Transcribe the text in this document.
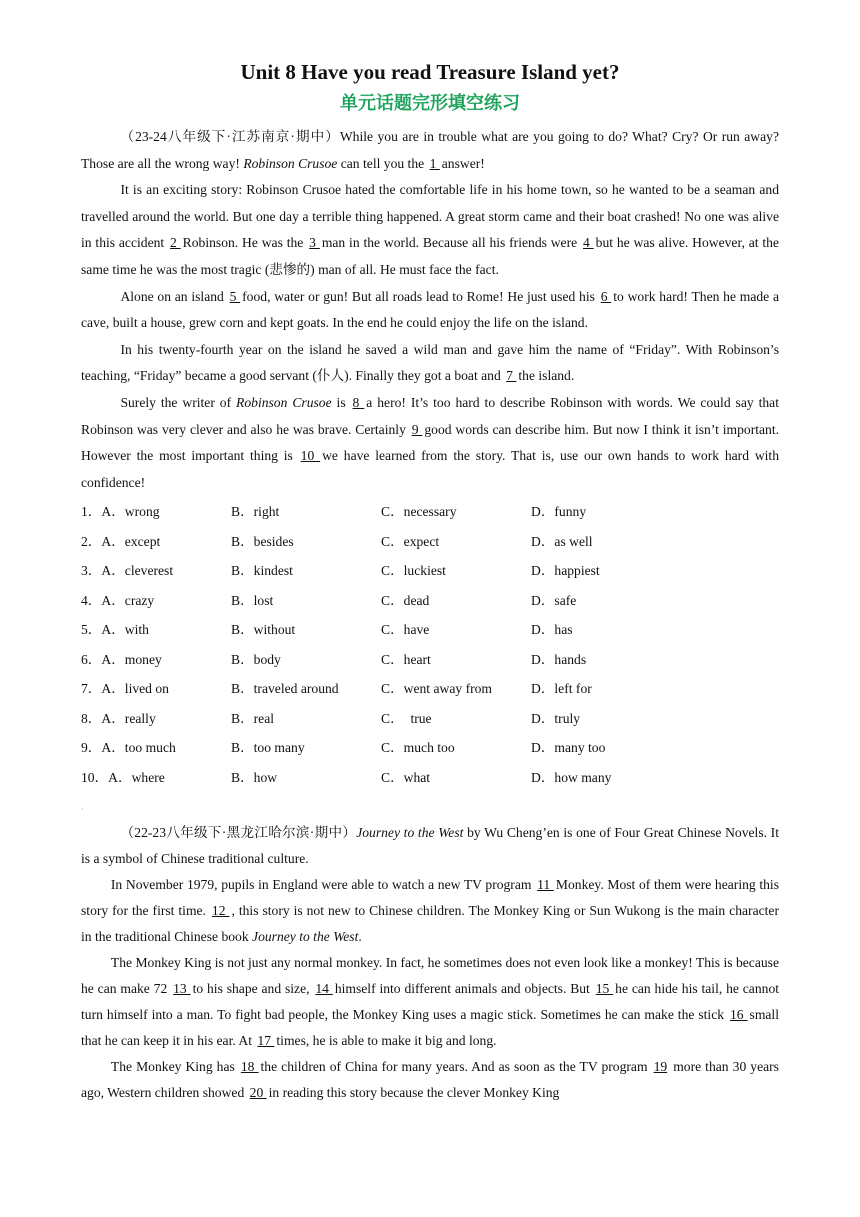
Unit 8 Have you read Treasure Island yet?
单元话题完形填空练习

（23-24八年级下·江苏南京·期中）While you are in trouble what are you going to do? What? Cry? Or run away? Those are all the wrong way! Robinson Crusoe can tell you the 1 answer!

It is an exciting story: Robinson Crusoe hated the comfortable life in his home town, so he wanted to be a seaman and travelled around the world. But one day a terrible thing happened. A great storm came and their boat crashed! No one was alive in this accident 2 Robinson. He was the 3 man in the world. Because all his friends were 4 but he was alive. However, at the same time he was the most tragic (悲惨的) man of all. He must face the fact.

Alone on an island 5 food, water or gun! But all roads lead to Rome! He just used his 6 to work hard! Then he made a cave, built a house, grew corn and kept goats. In the end he could enjoy the life on the island.

In his twenty-fourth year on the island he saved a wild man and gave him the name of “Friday”. With Robinson’s teaching, “Friday” became a good servant (仆人). Finally they got a boat and 7 the island.

Surely the writer of Robinson Crusoe is 8 a hero! It’s too hard to describe Robinson with words. We could say that Robinson was very clever and also he was brave. Certainly 9 good words can describe him. But now I think it isn’t important. However the most important thing is 10 we have learned from the story. That is, use our own hands to work hard with confidence!

1．A．wrong	B．right	C．necessary	D．funny
2．A．except	B．besides	C．expect	D．as well
3．A．cleverest	B．kindest	C．luckiest	D．happiest
4．A．crazy	B．lost	C．dead	D．safe
5．A．with	B．without	C．have	D．has
6．A．money	B．body	C．heart	D．hands
7．A．lived on	B．traveled around	C．went away from	D．left for
8．A．really	B．real	C．  true	D．truly
9．A．too much	B．too many	C．much too	D．many too
10．A．where	B．how	C．what	D．how many
·

（22-23八年级下·黑龙江哈尔滨·期中）Journey to the West by Wu Cheng’en is one of Four Great Chinese Novels. It is a symbol of Chinese traditional culture.

In November 1979, pupils in England were able to watch a new TV program 11 Monkey. Most of them were hearing this story for the first time. 12 , this story is not new to Chinese children. The Monkey King or Sun Wukong is the main character in the traditional Chinese book Journey to the West.

The Monkey King is not just any normal monkey. In fact, he sometimes does not even look like a monkey! This is because he can make 72 13 to his shape and size, 14 himself into different animals and objects. But 15 he can hide his tail, he cannot turn himself into a man. To fight bad people, the Monkey King uses a magic stick. Sometimes he can make the stick 16 small that he can keep it in his ear. At 17 times, he is able to make it big and long.

The Monkey King has 18 the children of China for many years. And as soon as the TV program 19 more than 30 years ago, Western children showed 20 in reading this story because the clever Monkey King
